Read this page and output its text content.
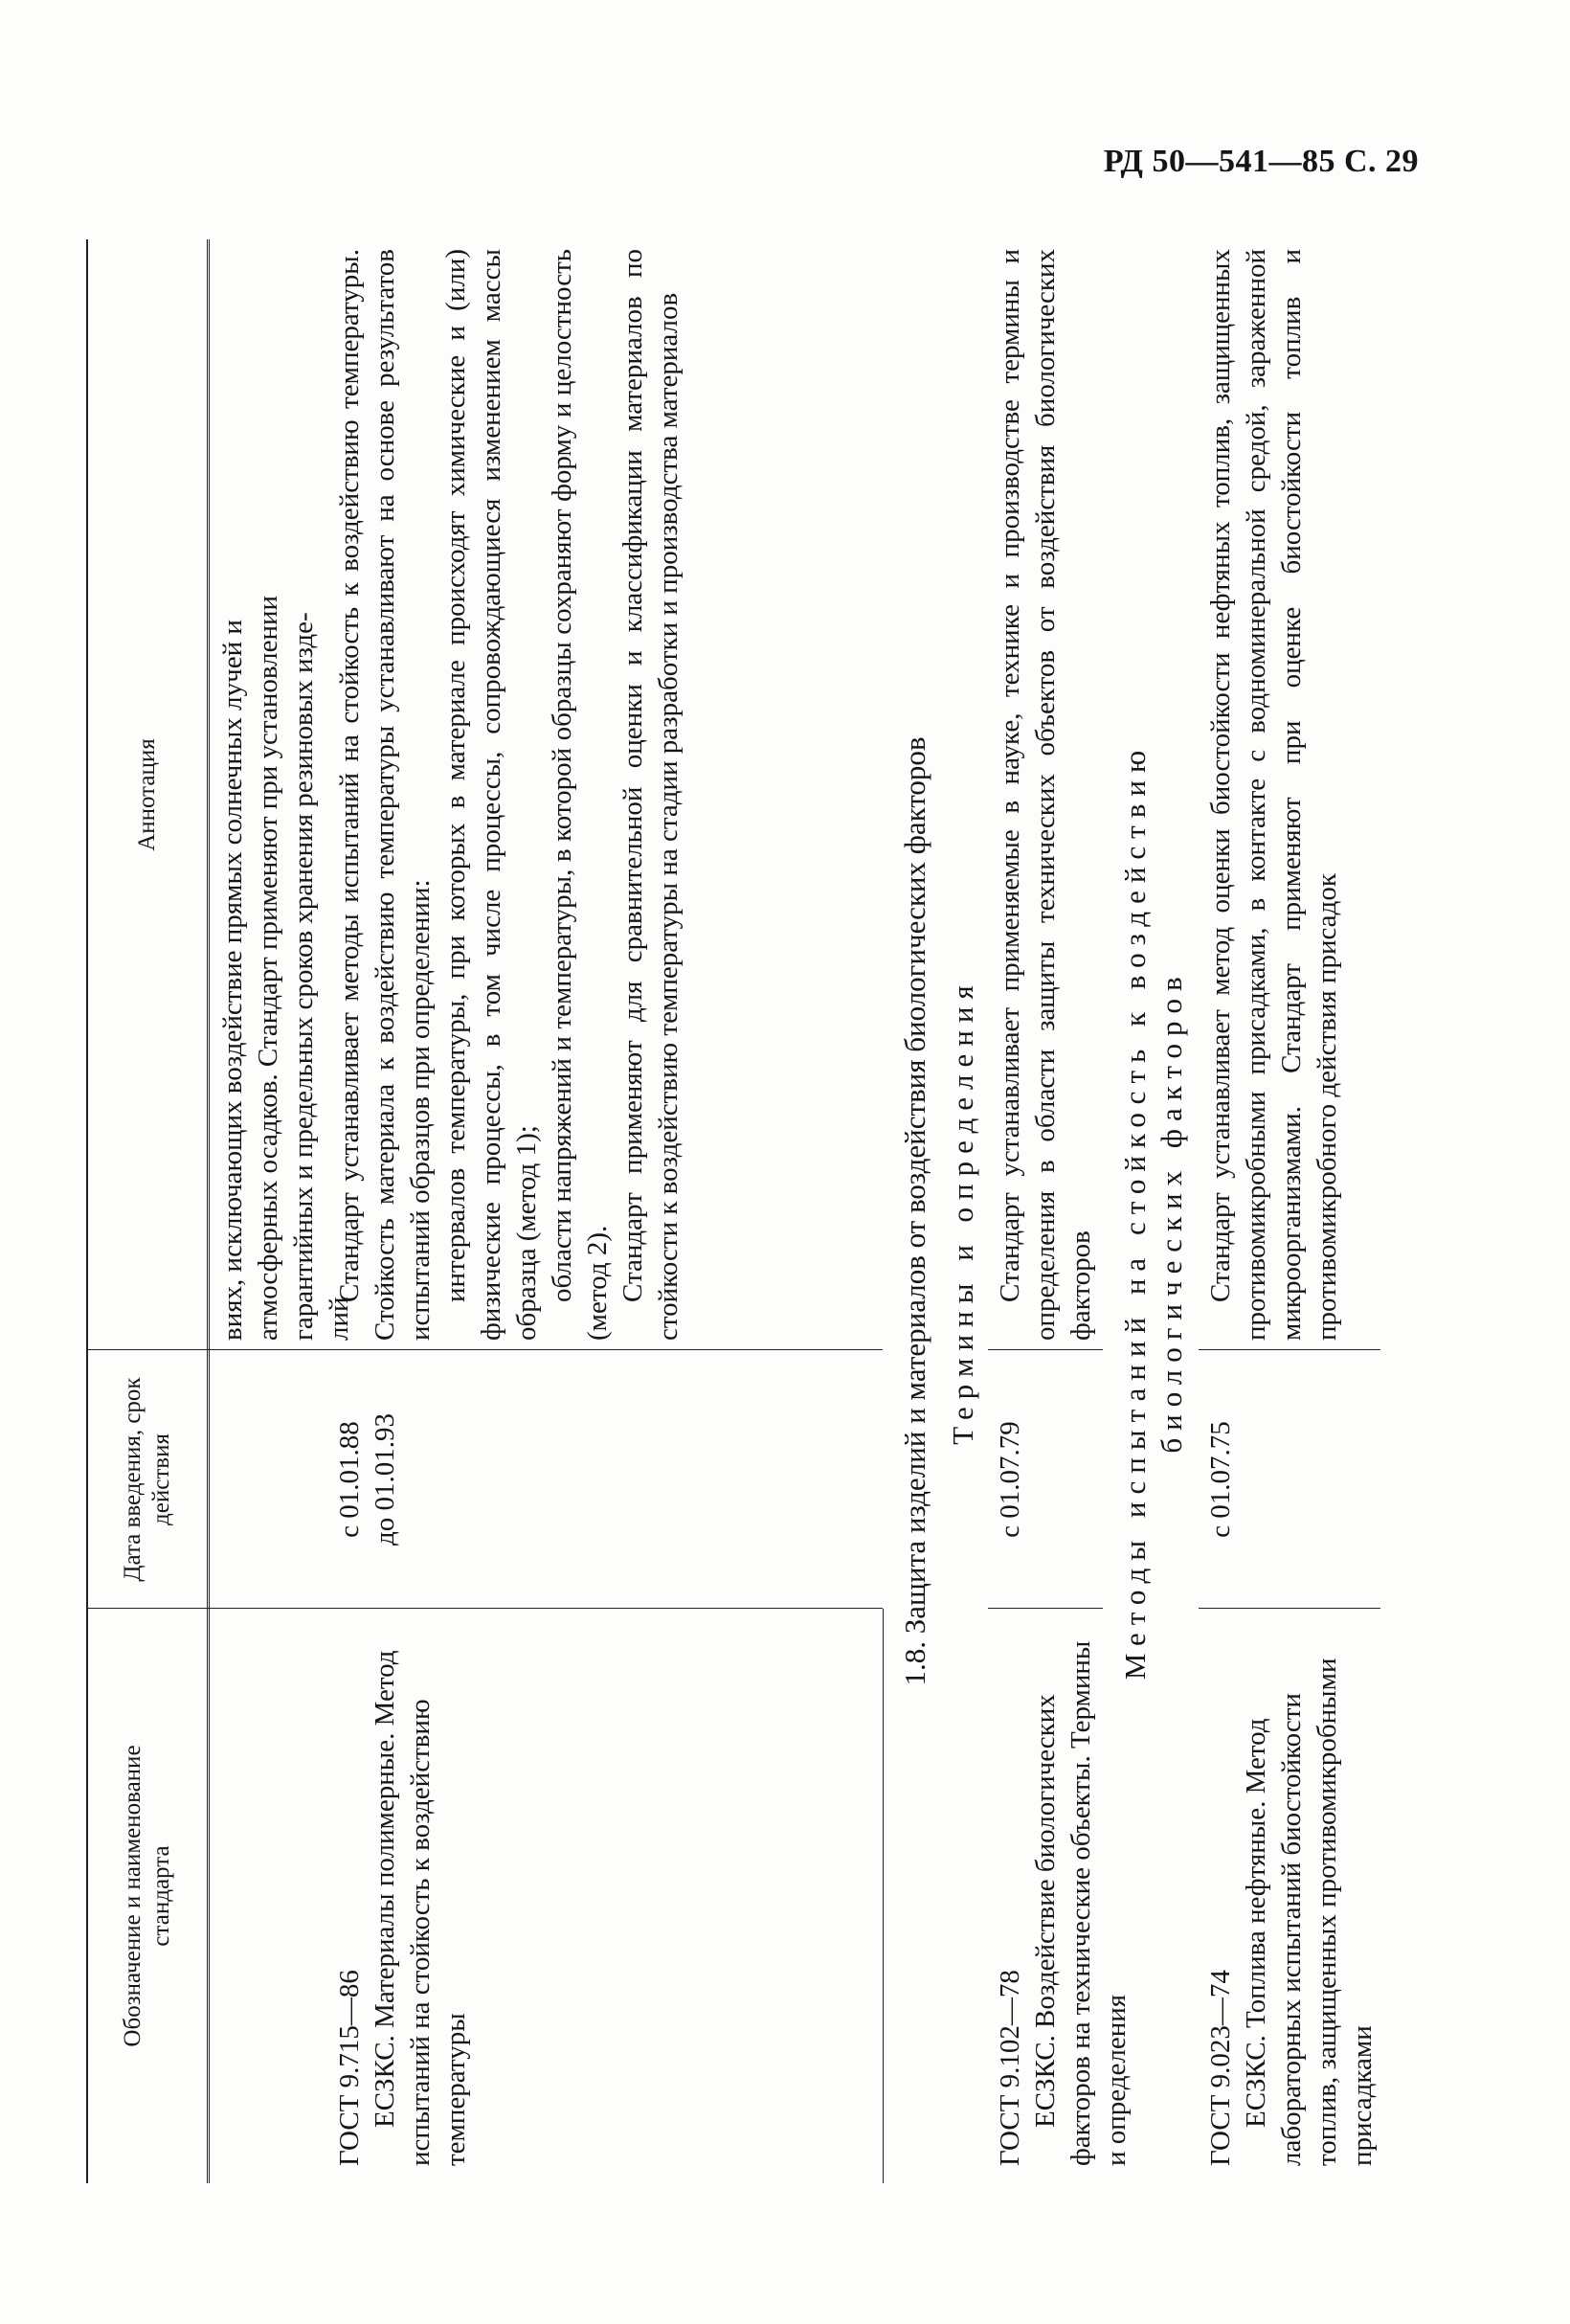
РД 50—541—85 С. 29
Обозначение и наименование стандарта
Дата введения, срок действия
Аннотация виях, исключающих воздействие прямых солнечных лучей и атмосферных осадков. Стандарт применяют при установлении гарантийных и предельных сроков хранения резиновых изде- лий

ГОСТ 9.715—86 ЕСЗКС. Материалы полимерные. Метод испытаний на стойкость к воздействию температуры

с 01.01.88 до 01.01.93

Стандарт устанавливает методы испытаний на стойкость к воздействию температуры. Стойкость материала к воздействию температуры устанавливают на основе результатов испытаний образцов при определении: интервалов температуры, при которых в материале происходят химические и (или) физические процессы, в том числе процессы, сопровождающиеся изменением массы образца (метод 1); области напряжений и температуры, в которой образцы сохраняют форму и целостность (метод 2). Стандарт применяют для сравнительной оценки и классификации материалов по стойкости к воздействию температуры на стадии разработки и производства материалов	1.8. Защита изделий и материалов от воздействия биологических факторов Термины и определения

ГОСТ 9.102—78 ЕСЗКС. Воздействие биологических факторов на технические объекты. Термины и определения

с 01.07.79

Стандарт устанавливает применяемые в науке, технике и производстве термины и определения в области защиты технических объектов от воздействия биологических факторов Методы испытаний на стойкость к воздействию биологических факторов

ГОСТ 9.023—74 ЕСЗКС. Топлива нефтяные. Метод лабораторных испытаний биостойкости топлив, защищенных противомикробными присадками

с 01.07.75

Стандарт устанавливает метод оценки биостойкости нефтяных топлив, защищенных противомикробными присадками, в контакте с водноминеральной средой, зараженной микроорганизмами. Стандарт применяют при оценке биостойкости топлив и противомикробного действия присадок
